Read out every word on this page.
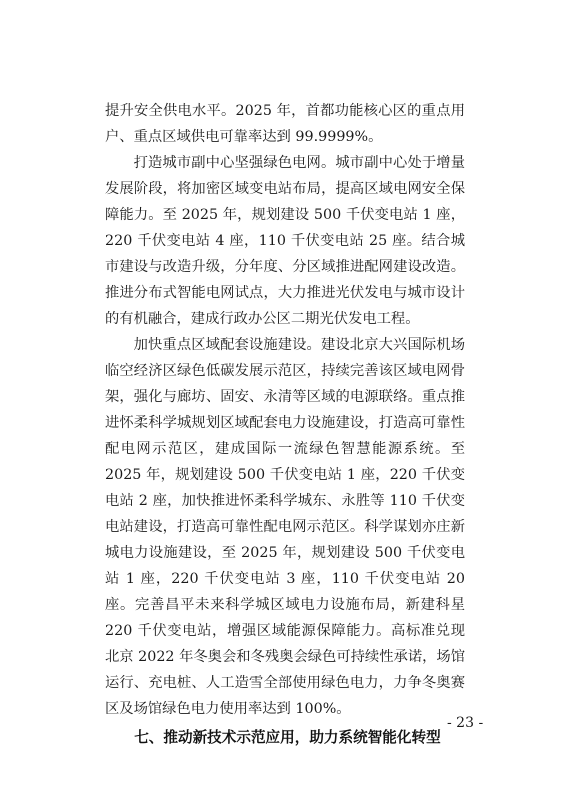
提升安全供电水平。2025 年，首都功能核心区的重点用户、重点区域供电可靠率达到 99.9999%。

打造城市副中心坚强绿色电网。城市副中心处于增量发展阶段，将加密区域变电站布局，提高区域电网安全保障能力。至 2025 年，规划建设 500 千伏变电站 1 座，220 千伏变电站 4 座，110 千伏变电站 25 座。结合城市建设与改造升级，分年度、分区域推进配网建设改造。推进分布式智能电网试点，大力推进光伏发电与城市设计的有机融合，建成行政办公区二期光伏发电工程。

加快重点区域配套设施建设。建设北京大兴国际机场临空经济区绿色低碳发展示范区，持续完善该区域电网骨架，强化与廊坊、固安、永清等区域的电源联络。重点推进怀柔科学城规划区域配套电力设施建设，打造高可靠性配电网示范区，建成国际一流绿色智慧能源系统。至 2025 年，规划建设 500 千伏变电站 1 座，220 千伏变电站 2 座，加快推进怀柔科学城东、永胜等 110 千伏变电站建设，打造高可靠性配电网示范区。科学谋划亦庄新城电力设施建设，至 2025 年，规划建设 500 千伏变电站 1 座，220 千伏变电站 3 座，110 千伏变电站 20 座。完善昌平未来科学城区域电力设施布局，新建科星 220 千伏变电站，增强区域能源保障能力。高标准兑现北京 2022 年冬奥会和冬残奥会绿色可持续性承诺，场馆运行、充电桩、人工造雪全部使用绿色电力，力争冬奥赛区及场馆绿色电力使用率达到 100%。

七、推动新技术示范应用，助力系统智能化转型
- 23 -
